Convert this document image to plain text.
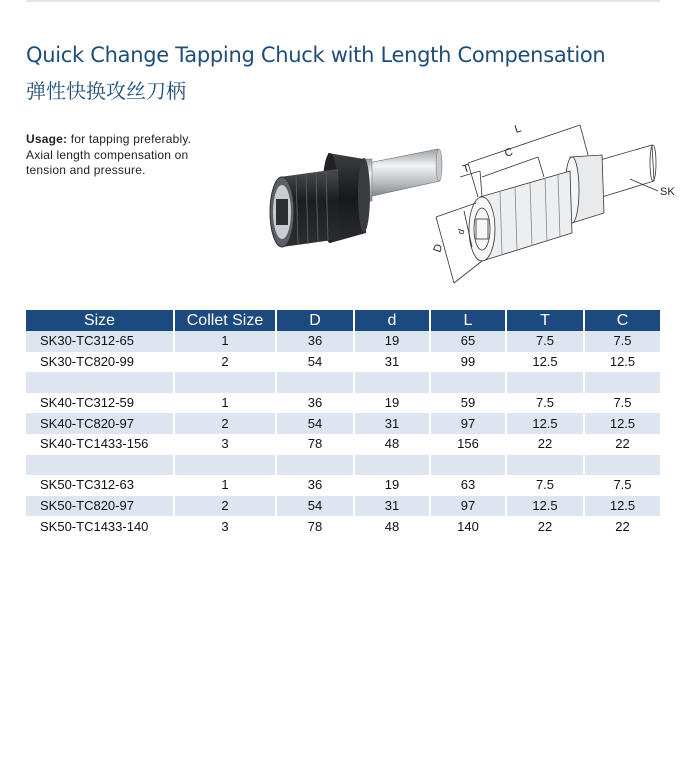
Quick Change Tapping Chuck with Length Compensation
弹性快换攻丝刀柄
Usage: for tapping preferably.
Axial length compensation on
tension and pressure.
L
C
T
D
d
SK
Size	Collet Size	D	d	L	T	C
SK30-TC312-65	1	36	19	65	7.5	7.5
SK30-TC820-99	2	54	31	99	12.5	12.5

SK40-TC312-59	1	36	19	59	7.5	7.5
SK40-TC820-97	2	54	31	97	12.5	12.5
SK40-TC1433-156	3	78	48	156	22	22

SK50-TC312-63	1	36	19	63	7.5	7.5
SK50-TC820-97	2	54	31	97	12.5	12.5
SK50-TC1433-140	3	78	48	140	22	22
